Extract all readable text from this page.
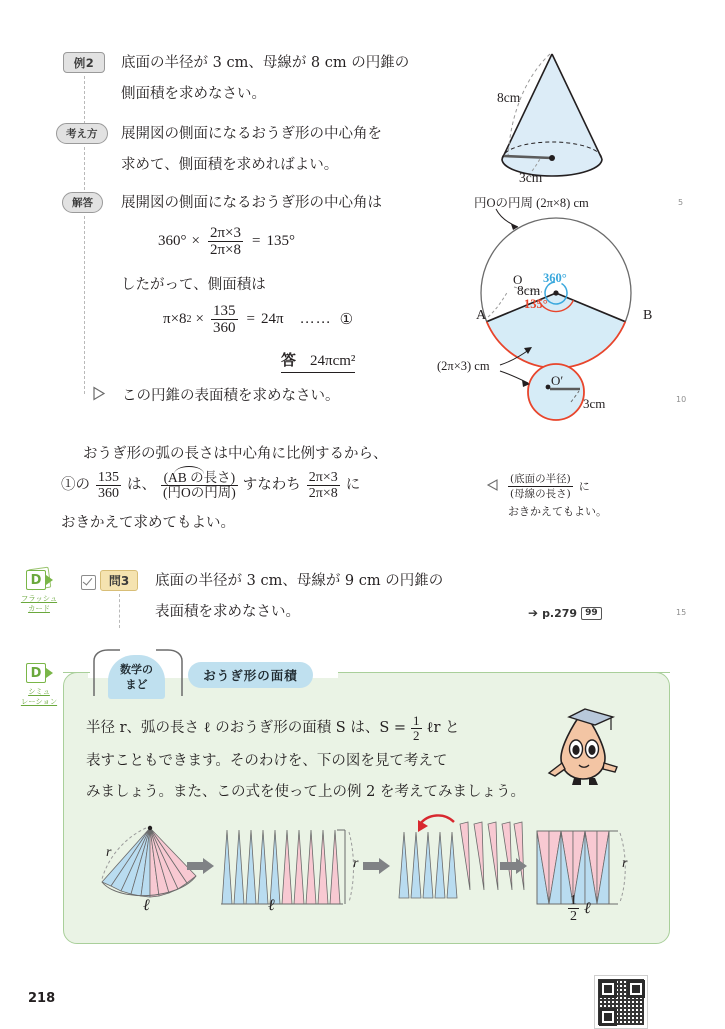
5
10
15
例2	底面の半径が 3 cm、母線が 8 cm の円錐の
側面積を求めなさい。
考え方	展開図の側面になるおうぎ形の中心角を
求めて、側面積を求めればよい。
解答	展開図の側面になるおうぎ形の中心角は
$360^\circ \times \frac{2\pi\times 3}{2\pi\times 8} = 135^\circ$
したがって、側面積は
π×8 $2 \times \frac{135}{360} = 24\pi$ …… ①
答 24πcm²
この円錐の表面積を求めなさい。
8cm
3cm
円Oの円周 (2π×8) cm
O 360°
135°
8cm
A	B
(2π×3) cm
O′
3cm
おうぎ形の弧の長さは中心角に比例するから、
①の $\frac{135}{360}$ は、 $\frac{\text{(AB の長さ)}}{\text{(円Oの円周)}}$ すなわち $\frac{2\pi\times 3}{2\pi\times 8}$ に
おきかえて求めてもよい。
$\frac{\text{(底面の半径)}}{\text{(母線の長さ)}}$ に
おきかえてもよい。
D
フラッシュ
カード
問3	底面の半径が 3 cm、母線が 9 cm の円錐の
表面積を求めなさい。	➔ p.279 99
D
シミュ
レーション
数学の
まど
おうぎ形の面積
半径 r、弧の長さ ℓ のおうぎ形の面積 S は、$S = \frac{1}{2}$ ℓr と
表すこともできます。そのわけを、下の図を見て考えて
みましょう。また、この式を使って上の例 2 を考えてみましょう。
r
ℓ
r
ℓ
r
$\frac{1}{2}$ ℓ
218
